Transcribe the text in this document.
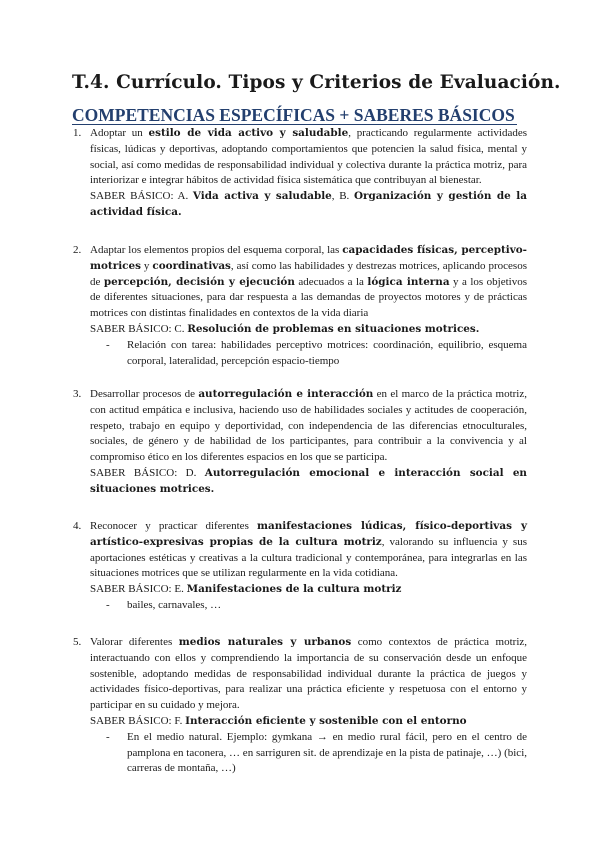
T.4. Currículo. Tipos y Criterios de Evaluación.
COMPETENCIAS ESPECÍFICAS + SABERES BÁSICOS
1. Adoptar un estilo de vida activo y saludable, practicando regularmente actividades físicas, lúdicas y deportivas, adoptando comportamientos que potencien la salud física, mental y social, así como medidas de responsabilidad individual y colectiva durante la práctica motriz, para interiorizar e integrar hábitos de actividad física sistemática que contribuyan al bienestar.

SABER BÁSICO: A. Vida activa y saludable, B. Organización y gestión de la actividad física.

2. Adaptar los elementos propios del esquema corporal, las capacidades físicas, perceptivo-motrices y coordinativas, así como las habilidades y destrezas motrices, aplicando procesos de percepción, decisión y ejecución adecuados a la lógica interna y a los objetivos de diferentes situaciones, para dar respuesta a las demandas de proyectos motores y de prácticas motrices con distintas finalidades en contextos de la vida diaria

SABER BÁSICO: C. Resolución de problemas en situaciones motrices.

- Relación con tarea: habilidades perceptivo motrices: coordinación, equilibrio, esquema corporal, lateralidad, percepción espacio-tiempo
3. Desarrollar procesos de autorregulación e interacción en el marco de la práctica motriz, con actitud empática e inclusiva, haciendo uso de habilidades sociales y actitudes de cooperación, respeto, trabajo en equipo y deportividad, con independencia de las diferencias etnoculturales, sociales, de género y de habilidad de los participantes, para contribuir a la convivencia y al compromiso ético en los diferentes espacios en los que se participa.

SABER BÁSICO: D. Autorregulación emocional e interacción social en situaciones motrices.

4. Reconocer y practicar diferentes manifestaciones lúdicas, físico-deportivas y artístico-expresivas propias de la cultura motriz, valorando su influencia y sus aportaciones estéticas y creativas a la cultura tradicional y contemporánea, para integrarlas en las situaciones motrices que se utilizan regularmente en la vida cotidiana.

SABER BÁSICO: E. Manifestaciones de la cultura motriz

- bailes, carnavales, …
5. Valorar diferentes medios naturales y urbanos como contextos de práctica motriz, interactuando con ellos y comprendiendo la importancia de su conservación desde un enfoque sostenible, adoptando medidas de responsabilidad individual durante la práctica de juegos y actividades físico-deportivas, para realizar una práctica eficiente y respetuosa con el entorno y participar en su cuidado y mejora.

SABER BÁSICO: F. Interacción eficiente y sostenible con el entorno

- En el medio natural. Ejemplo: gymkana → en medio rural fácil, pero en el centro de pamplona en taconera, … en sarriguren sit. de aprendizaje en la pista de patinaje, …) (bici, carreras de montaña, …)
